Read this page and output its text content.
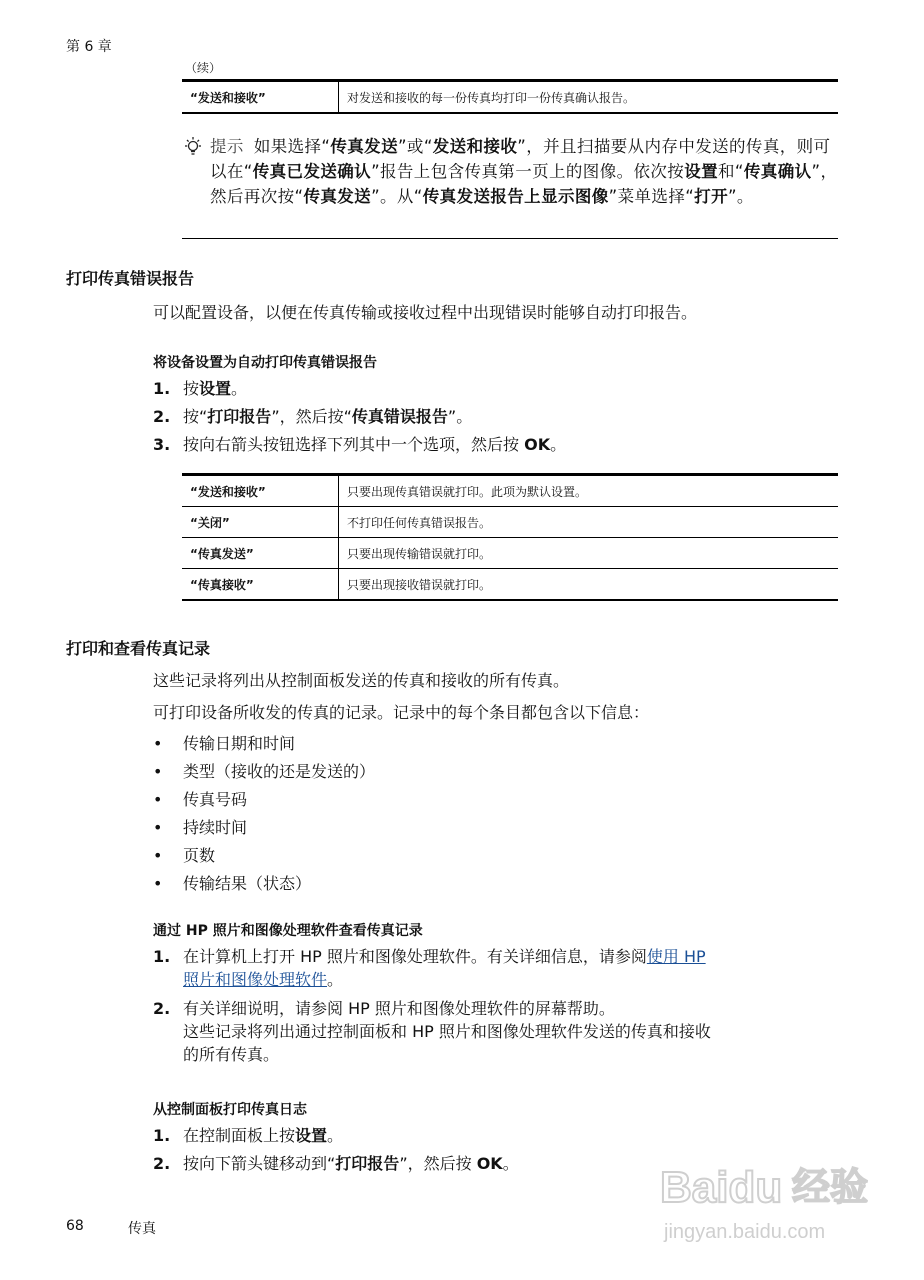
第 6 章
（续）
“发送和接收”	对发送和接收的每一份传真均打印一份传真确认报告。
提示 如果选择“传真发送”或“发送和接收”，并且扫描要从内存中发送的传真，则可以在“传真已发送确认”报告上包含传真第一页上的图像。依次按设置和“传真确认”，然后再次按“传真发送”。从“传真发送报告上显示图像”菜单选择“打开”。
打印传真错误报告
可以配置设备，以便在传真传输或接收过程中出现错误时能够自动打印报告。
将设备设置为自动打印传真错误报告
1. 按设置。
2. 按“打印报告”，然后按“传真错误报告”。
3. 按向右箭头按钮选择下列其中一个选项，然后按 OK。
“发送和接收”	只要出现传真错误就打印。此项为默认设置。
“关闭”	不打印任何传真错误报告。
“传真发送”	只要出现传输错误就打印。
“传真接收”	只要出现接收错误就打印。
打印和查看传真记录
这些记录将列出从控制面板发送的传真和接收的所有传真。
可打印设备所收发的传真的记录。记录中的每个条目都包含以下信息：
• 传输日期和时间
• 类型（接收的还是发送的）
• 传真号码
• 持续时间
• 页数
• 传输结果（状态）
通过 HP 照片和图像处理软件查看传真记录
1. 在计算机上打开 HP 照片和图像处理软件。有关详细信息，请参阅使用 HP
照片和图像处理软件。
2. 有关详细说明，请参阅 HP 照片和图像处理软件的屏幕帮助。
这些记录将列出通过控制面板和 HP 照片和图像处理软件发送的传真和接收
的所有传真。
从控制面板打印传真日志
1. 在控制面板上按设置。
2. 按向下箭头键移动到“打印报告”，然后按 OK。
68	传真
Baidu 经验
jingyan.baidu.com
